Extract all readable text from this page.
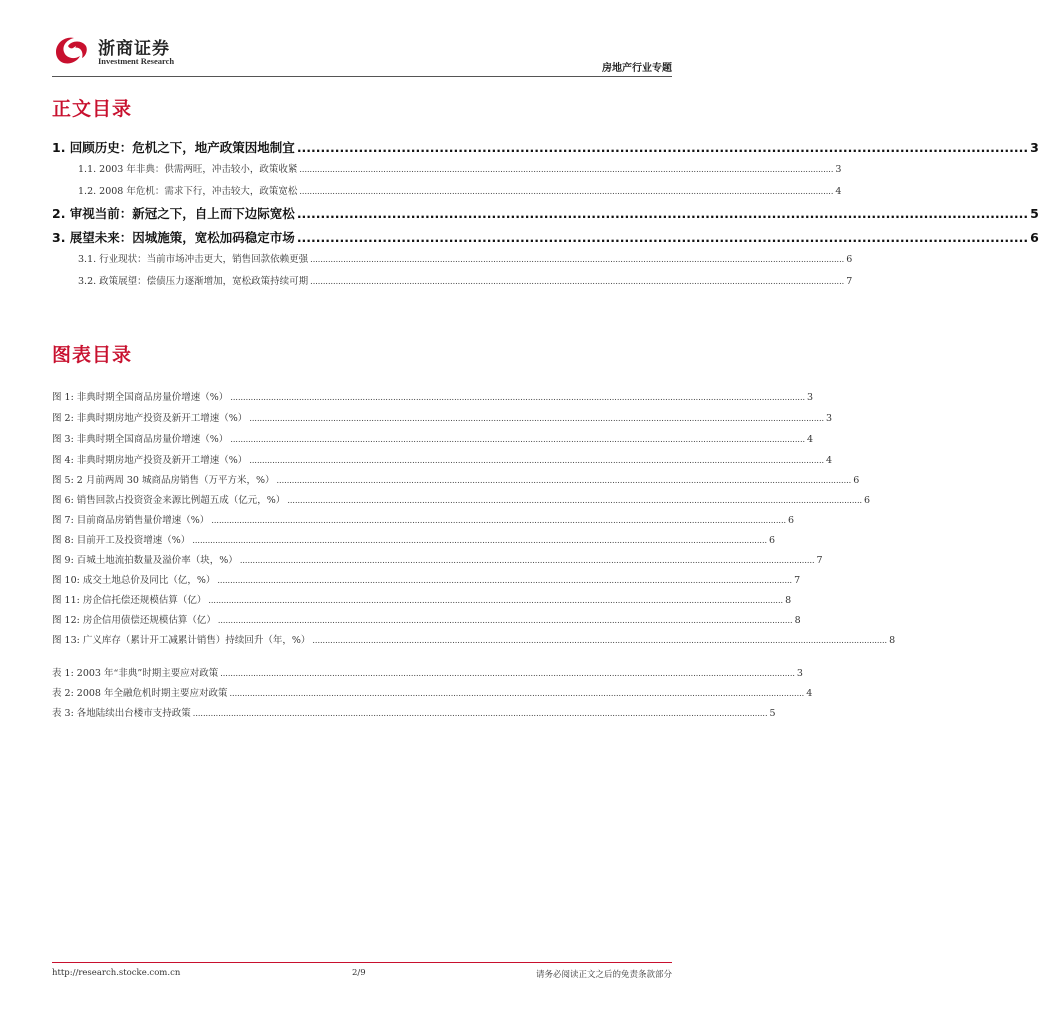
浙商证券
Investment Research
房地产行业专题
正文目录
1. 回顾历史：危机之下，地产政策因地制宜 .......................................................................................................................................................... 3
1.1. 2003 年非典：供需两旺，冲击较小，政策收紧 .................................................................................................................................................................................................................. 3
1.2. 2008 年危机：需求下行，冲击较大，政策宽松 .................................................................................................................................................................................................................. 4
2. 审视当前：新冠之下，自上而下边际宽松 .......................................................................................................................................................... 5
3. 展望未来：因城施策，宽松加码稳定市场 .......................................................................................................................................................... 6
3.1. 行业现状：当前市场冲击更大，销售回款依赖更强 .................................................................................................................................................................................................................. 6
3.2. 政策展望：偿债压力逐渐增加，宽松政策持续可期 .................................................................................................................................................................................................................. 7
图表目录
图 1: 非典时期全国商品房量价增速（%） .................................................................................................................................................................................................................................. 3
图 2: 非典时期房地产投资及新开工增速（%） .................................................................................................................................................................................................................................. 3
图 3: 非典时期全国商品房量价增速（%） .................................................................................................................................................................................................................................. 4
图 4: 非典时期房地产投资及新开工增速（%） .................................................................................................................................................................................................................................. 4
图 5: 2 月前两周 30 城商品房销售（万平方米，%） .................................................................................................................................................................................................................................. 6
图 6: 销售回款占投资资金来源比例超五成（亿元，%） .................................................................................................................................................................................................................................. 6
图 7: 目前商品房销售量价增速（%） .................................................................................................................................................................................................................................. 6
图 8: 目前开工及投资增速（%） .................................................................................................................................................................................................................................. 6
图 9: 百城土地流拍数量及溢价率（块，%） .................................................................................................................................................................................................................................. 7
图 10: 成交土地总价及同比（亿，%） .................................................................................................................................................................................................................................. 7
图 11: 房企信托偿还规模估算（亿） .................................................................................................................................................................................................................................. 8
图 12: 房企信用债偿还规模估算（亿） .................................................................................................................................................................................................................................. 8
图 13: 广义库存（累计开工减累计销售）持续回升（年，%） .................................................................................................................................................................................................................................. 8
表 1: 2003 年“非典”时期主要应对政策 .................................................................................................................................................................................................................................. 3
表 2: 2008 年全融危机时期主要应对政策 .................................................................................................................................................................................................................................. 4
表 3: 各地陆续出台楼市支持政策 .................................................................................................................................................................................................................................. 5
http://research.stocke.com.cn	2/9	请务必阅读正文之后的免责条款部分
